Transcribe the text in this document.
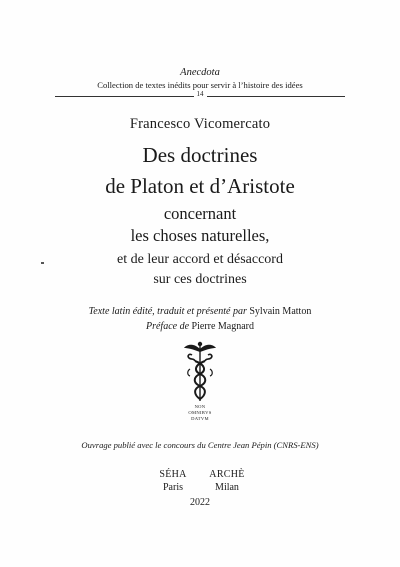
Anecdota
Collection de textes inédits pour servir à l’histoire des idées
14
Francesco Vicomercato
Des doctrines
de Platon et d’Aristote
concernant
les choses naturelles,
et de leur accord et désaccord
sur ces doctrines
Texte latin édité, traduit et présenté par Sylvain Matton
Préface de Pierre Magnard
NON
OMNIBVS
DATVM
Ouvrage publié avec le concours du Centre Jean Pépin (CNRS-ENS)
SÉHA	ARCHÈ
Paris	Milan
2022
